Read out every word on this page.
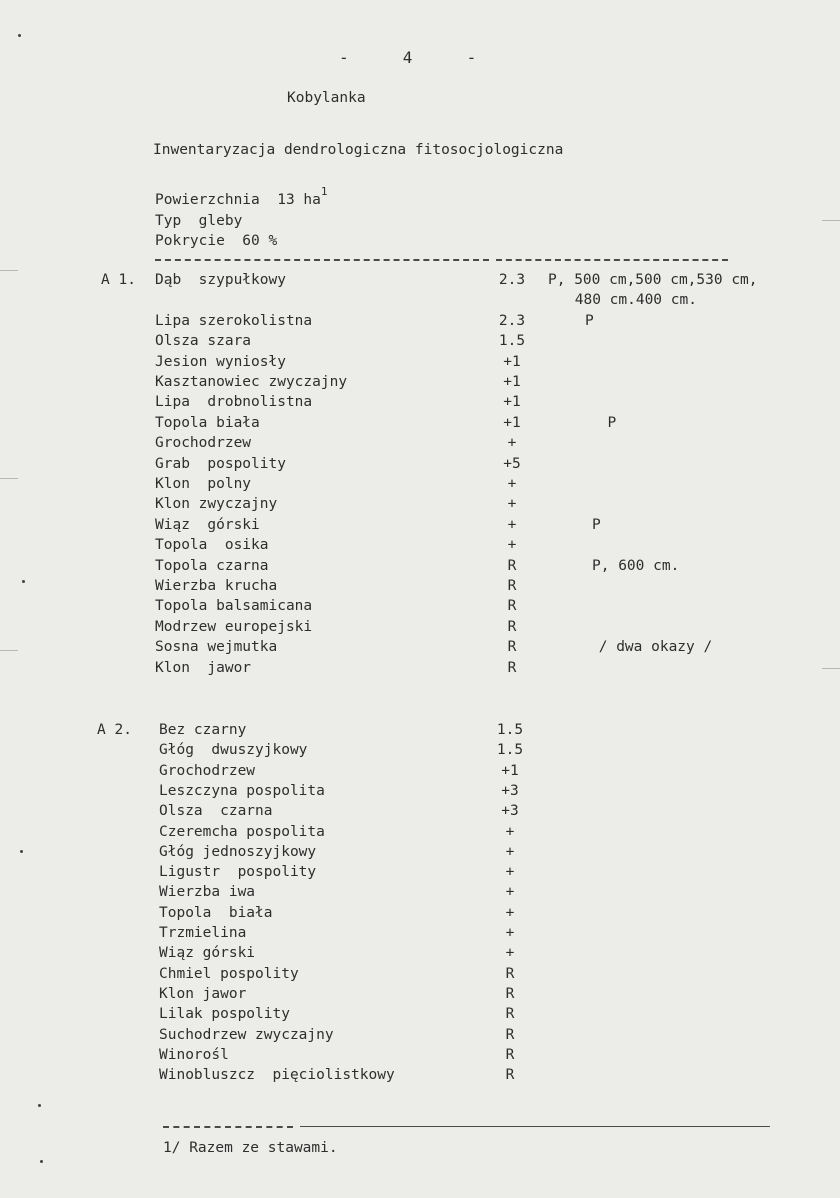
-     4     -
Kobylanka
Inwentaryzacja dendrologiczna fitosocjologiczna
Powierzchnia  13 $ha^1$
Typ  gleby
Pokrycie  60 %
A 1. Dąb  szypułkowy	2.3	P, 500 cm,500 cm,530 cm,
480 cm.400 cm.
Lipa szerokolistna	2.3	P
Olsza szara	1.5
Jesion wyniosły	+1
Kasztanowiec zwyczajny	+1
Lipa  drobnolistna	+1
Topola biała	+1	P
Grochodrzew	+
Grab  pospolity	+5
Klon  polny	+
Klon zwyczajny	+
Wiąz  górski	+	P
Topola  osika	+
Topola czarna	R	P, 600 cm.
Wierzba krucha	R
Topola balsamicana	R
Modrzew europejski	R
Sosna wejmutka	R	/ dwa okazy /
Klon  jawor	R
A 2. Bez czarny	1.5
Głóg  dwuszyjkowy	1.5
Grochodrzew	+1
Leszczyna pospolita	+3
Olsza  czarna	+3
Czeremcha pospolita	+
Głóg jednoszyjkowy	+
Ligustr  pospolity	+
Wierzba iwa	+
Topola  biała	+
Trzmielina	+
Wiąz górski	+
Chmiel pospolity	R
Klon jawor	R
Lilak pospolity	R
Suchodrzew zwyczajny	R
Winorośl	R
Winobluszcz  pięciolistkowy	R
1/ Razem ze stawami.
